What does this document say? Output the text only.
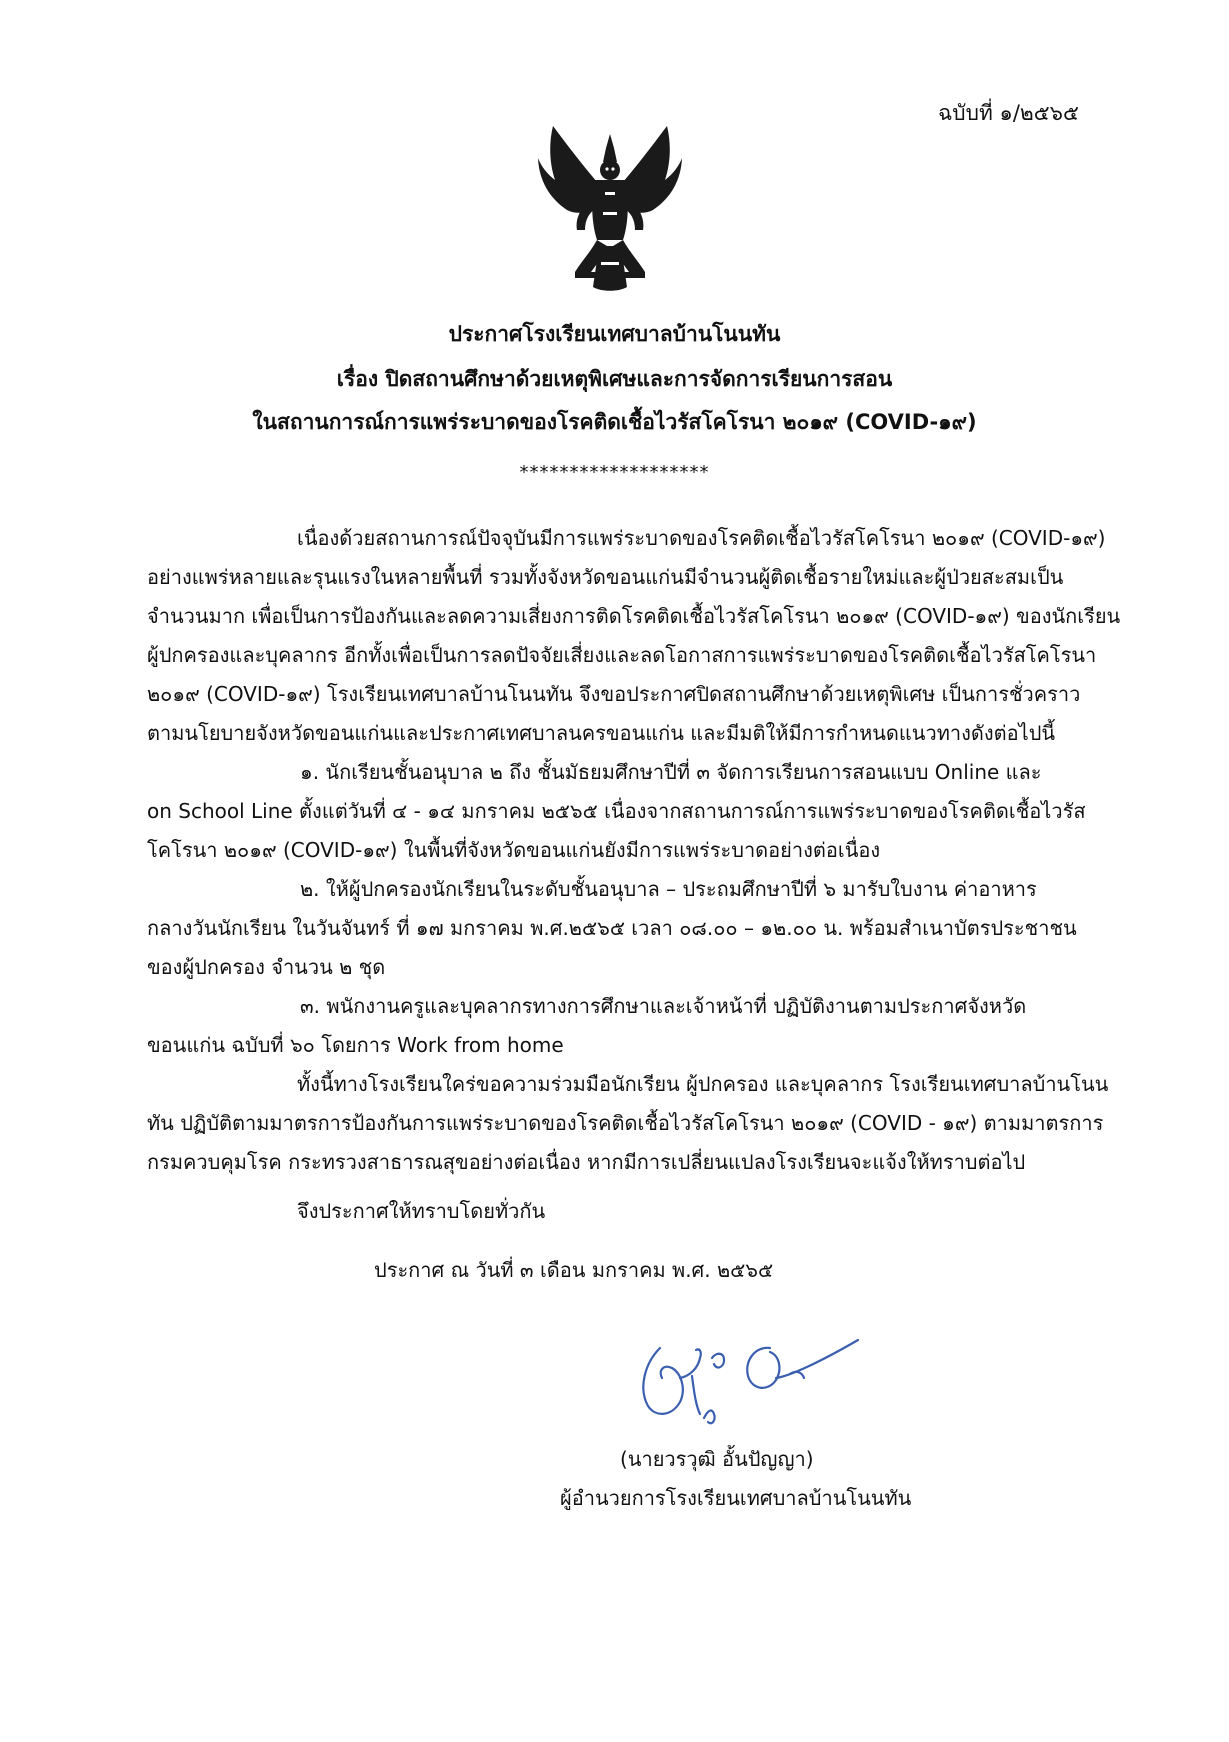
ฉบับที่ ๑/๒๕๖๕
ประกาศโรงเรียนเทศบาลบ้านโนนทัน
เรื่อง ปิดสถานศึกษาด้วยเหตุพิเศษและการจัดการเรียนการสอน
ในสถานการณ์การแพร่ระบาดของโรคติดเชื้อไวรัสโคโรนา ๒๐๑๙ (COVID-๑๙)
*******************
เนื่องด้วยสถานการณ์ปัจจุบันมีการแพร่ระบาดของโรคติดเชื้อไวรัสโคโรนา ๒๐๑๙ (COVID-๑๙)
อย่างแพร่หลายและรุนแรงในหลายพื้นที่ รวมทั้งจังหวัดขอนแก่นมีจำนวนผู้ติดเชื้อรายใหม่และผู้ป่วยสะสมเป็น
จำนวนมาก เพื่อเป็นการป้องกันและลดความเสี่ยงการติดโรคติดเชื้อไวรัสโคโรนา ๒๐๑๙ (COVID-๑๙) ของนักเรียน
ผู้ปกครองและบุคลากร อีกทั้งเพื่อเป็นการลดปัจจัยเสี่ยงและลดโอกาสการแพร่ระบาดของโรคติดเชื้อไวรัสโคโรนา
๒๐๑๙ (COVID-๑๙) โรงเรียนเทศบาลบ้านโนนทัน จึงขอประกาศปิดสถานศึกษาด้วยเหตุพิเศษ เป็นการชั่วคราว
ตามนโยบายจังหวัดขอนแก่นและประกาศเทศบาลนครขอนแก่น และมีมติให้มีการกำหนดแนวทางดังต่อไปนี้
๑. นักเรียนชั้นอนุบาล ๒ ถึง ชั้นมัธยมศึกษาปีที่ ๓ จัดการเรียนการสอนแบบ Online และ
on School Line ตั้งแต่วันที่ ๔ - ๑๔ มกราคม ๒๕๖๕ เนื่องจากสถานการณ์การแพร่ระบาดของโรคติดเชื้อไวรัส
โคโรนา ๒๐๑๙ (COVID-๑๙) ในพื้นที่จังหวัดขอนแก่นยังมีการแพร่ระบาดอย่างต่อเนื่อง
๒. ให้ผู้ปกครองนักเรียนในระดับชั้นอนุบาล – ประถมศึกษาปีที่ ๖ มารับใบงาน ค่าอาหาร
กลางวันนักเรียน ในวันจันทร์ ที่ ๑๗ มกราคม พ.ศ.๒๕๖๕ เวลา ๐๘.๐๐ – ๑๒.๐๐ น. พร้อมสำเนาบัตรประชาชน
ของผู้ปกครอง จำนวน ๒ ชุด
๓. พนักงานครูและบุคลากรทางการศึกษาและเจ้าหน้าที่ ปฏิบัติงานตามประกาศจังหวัด
ขอนแก่น ฉบับที่ ๖๐ โดยการ Work from home
ทั้งนี้ทางโรงเรียนใคร่ขอความร่วมมือนักเรียน ผู้ปกครอง และบุคลากร โรงเรียนเทศบาลบ้านโนน
ทัน ปฏิบัติตามมาตรการป้องกันการแพร่ระบาดของโรคติดเชื้อไวรัสโคโรนา ๒๐๑๙ (COVID - ๑๙) ตามมาตรการ
กรมควบคุมโรค กระทรวงสาธารณสุขอย่างต่อเนื่อง หากมีการเปลี่ยนแปลงโรงเรียนจะแจ้งให้ทราบต่อไป
จึงประกาศให้ทราบโดยทั่วกัน
ประกาศ ณ วันที่ ๓ เดือน มกราคม พ.ศ. ๒๕๖๕
(นายวรวุฒิ อั้นปัญญา)
ผู้อำนวยการโรงเรียนเทศบาลบ้านโนนทัน
